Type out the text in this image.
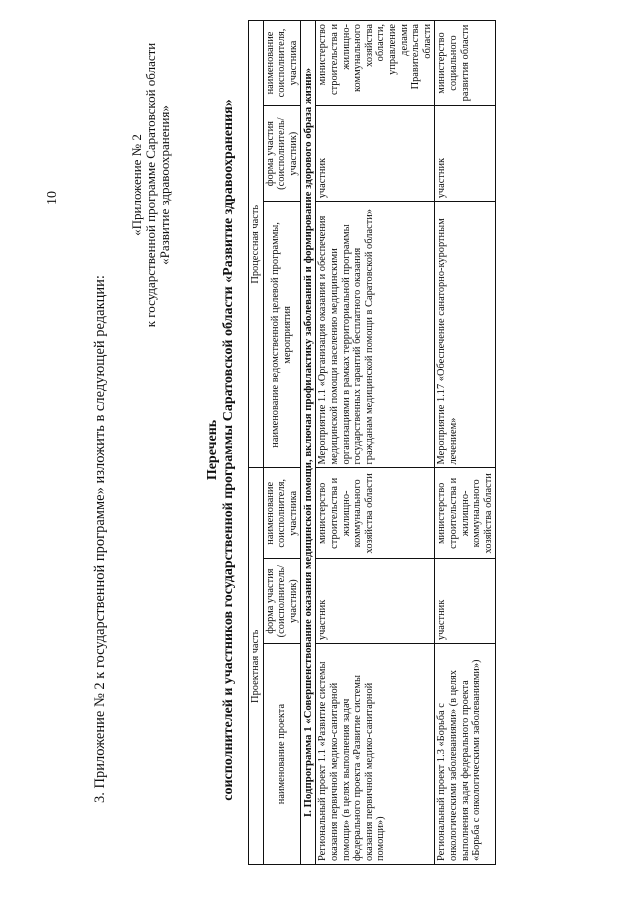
10
3. Приложение № 2 к государственной программе» изложить в следующей редакции:
«Приложение № 2 к государственной программе Саратовской области «Развитие здравоохранения»
Перечень соисполнителей и участников государственной программы Саратовской области «Развитие здравоохранения» Проектная часть			Процессная часть		
наименование проекта	форма участия (соисполнитель/ участник)	наименование соисполнителя, участника	наименование ведомственной целевой программы, мероприятия	форма участия (соисполнитель/ участник)	наименование соисполнителя, участника
I. Подпрограмма 1 «Совершенствование оказания медицинской помощи, включая профилактику заболеваний и формирование здорового образа жизни»					
Региональный проект 1.1 «Развитие системы оказания первичной медико-санитарной помощи» (в целях выполнения задач федерального проекта «Развитие системы оказания первичной медико-санитарной помощи»)	участник	министерство строительства и жилищно-коммунального хозяйства области	Мероприятие 1.1 «Организация оказания и обеспечения медицинской помощи населению медицинскими организациями в рамках территориальной программы государственных гарантий бесплатного оказания гражданам медицинской помощи в Саратовской области»	участник	министерство строительства и жилищно-коммунального хозяйства области, управление делами Правительства области
Региональный проект 1.3 «Борьба с онкологическими заболеваниями» (в целях выполнения задач федерального проекта «Борьба с онкологическими заболеваниями»)	участник	министерство строительства и жилищно-коммунального хозяйства области	Мероприятие 1.17 «Обеспечение санаторно-курортным лечением»	участник	министерство социального развития области
